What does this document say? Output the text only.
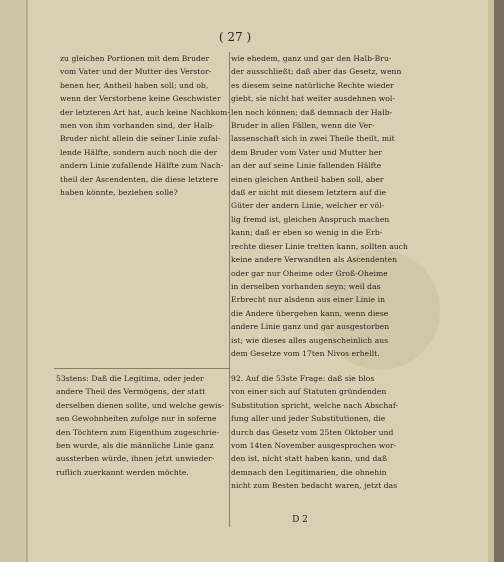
( 27 )
zu gleichen Portionen mit dem Bruder
vom Vater und der Mutter des Verstor-
benen her, Antheil haben soll; und ob,
wenn der Verstorbene keine Geschwister
der letzteren Art hat, auch keine Nachkom-
men von ihm vorhanden sind, der Halb-
Bruder nicht allein die seiner Linie zufal-
lende Hälfte, sondern auch noch die der
andern Linie zufallende Hälfte zum Nach-
theil der Ascendenten, die diese letztere
haben könnte, beziehen solle?
wie ehedem, ganz und gar den Halb-Bru-
der ausschließt; daß aber das Gesetz, wenn
es diesem seine natürliche Rechte wieder
giebt, sie nicht hat weiter ausdehnen wol-
len noch können; daß demnach der Halb-
Bruder in allen Fällen, wenn die Ver-
lassenschaft sich in zwei Theile theilt, mit
dem Bruder vom Vater und Mutter her
an der auf seine Linie fallenden Hälfte
einen gleichen Antheil haben soll, aber
daß er nicht mit diesem letztern auf die
Güter der andern Linie, welcher er völ-
lig fremd ist, gleichen Anspruch machen
kann; daß er eben so wenig in die Erb-
rechte dieser Linie tretten kann, sollten auch
keine andere Verwandten als Ascendenten
oder gar nur Oheime oder Groß-Oheime
in derselben vorhanden seyn; weil das
Erbrecht nur alsdenn aus einer Linie in
die Andere übergehen kann, wenn diese
andere Linie ganz und gar ausgestorben
ist; wie dieses alles augenscheinlich aus
dem Gesetze vom 17ten Nivos erhellt.
53stens: Daß die Legitima, oder jeder
andere Theil des Vermögens, der statt
derselben dienen sollte, und welche gewis-
sen Gewohnheiten zufolge nur in soferne
den Töchtern zum Eigenthum zugeschrie-
ben wurde, als die männliche Linie ganz
aussterben würde, ihnen jetzt unwieder-
ruflich zuerkannt werden möchte.
92. Auf die 53ste Frage: daß sie blos
von einer sich auf Statuten gründenden
Substitution spricht, welche nach Abschaf-
fung aller und jeder Substitutionen, die
durch das Gesetz vom 25ten Oktober und
vom 14ten November ausgesprochen wor-
den ist, nicht statt haben kann, und daß
demnach den Legitimarien, die ohnehin
nicht zum Besten bedacht waren, jetzt das
D 2
